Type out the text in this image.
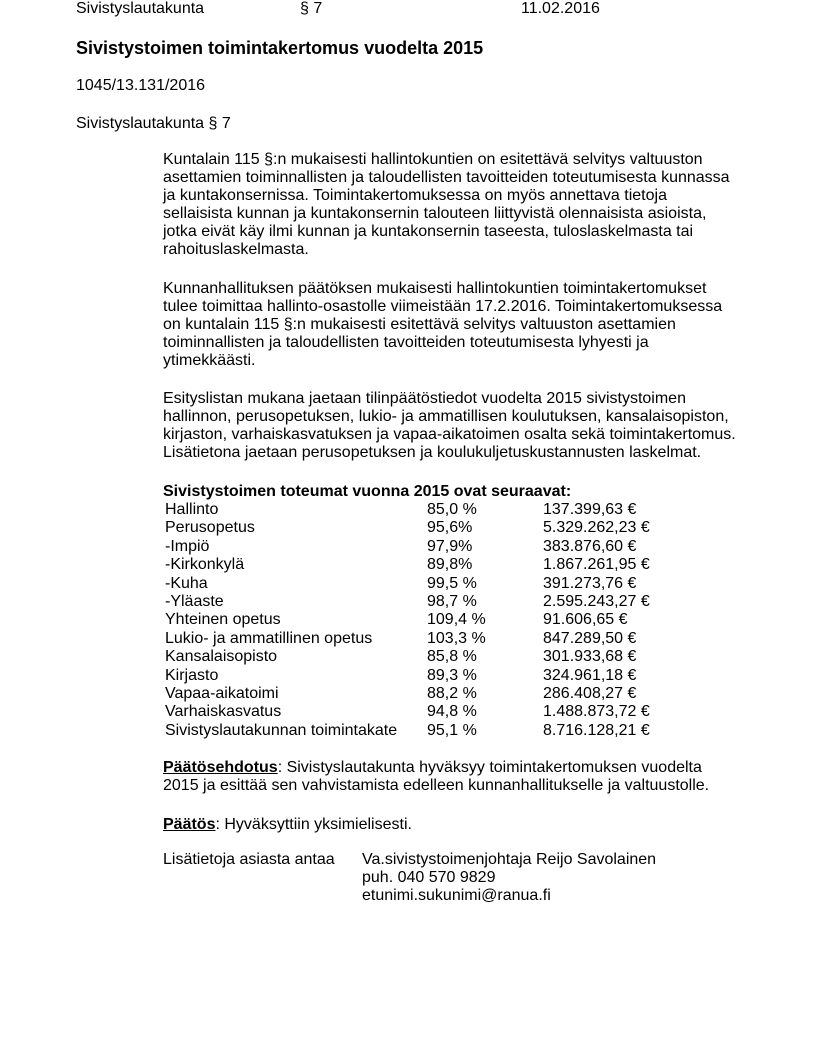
Sivistyslautakunta	§ 7	11.02.2016
Sivistystoimen toimintakertomus vuodelta 2015
1045/13.131/2016
Sivistyslautakunta § 7

Kuntalain 115 §:n mukaisesti hallintokuntien on esitettävä selvitys valtuuston
asettamien toiminnallisten ja taloudellisten tavoitteiden toteutumisesta kunnassa
ja kuntakonsernissa. Toimintakertomuksessa on myös annettava tietoja
sellaisista kunnan ja kuntakonsernin talouteen liittyvistä olennaisista asioista,
jotka eivät käy ilmi kunnan ja kuntakonsernin taseesta, tuloslaskelmasta tai
rahoituslaskelmasta.

Kunnanhallituksen päätöksen mukaisesti hallintokuntien toimintakertomukset
tulee toimittaa hallinto-osastolle viimeistään 17.2.2016. Toimintakertomuksessa
on kuntalain 115 §:n mukaisesti esitettävä selvitys valtuuston asettamien
toiminnallisten ja taloudellisten tavoitteiden toteutumisesta lyhyesti ja
ytimekkäästi.

Esityslistan mukana jaetaan tilinpäätöstiedot vuodelta 2015 sivistystoimen
hallinnon, perusopetuksen, lukio- ja ammatillisen koulutuksen, kansalaisopiston,
kirjaston, varhaiskasvatuksen ja vapaa-aikatoimen osalta sekä toimintakertomus.
Lisätietona jaetaan perusopetuksen ja koulukuljetuskustannusten laskelmat.

Sivistystoimen toteumat vuonna 2015 ovat seuraavat:
Hallinto	85,0 %	137.399,63 €
Perusopetus	95,6%	5.329.262,23 €
-Impiö	97,9%	383.876,60 €
-Kirkonkylä	89,8%	1.867.261,95 €
-Kuha	99,5 %	391.273,76 €
-Yläaste	98,7 %	2.595.243,27 €
Yhteinen opetus	109,4 %	91.606,65 €
Lukio- ja ammatillinen opetus	103,3 %	847.289,50 €
Kansalaisopisto	85,8 %	301.933,68 €
Kirjasto	89,3 %	324.961,18 €
Vapaa-aikatoimi	88,2 %	286.408,27 €
Varhaiskasvatus	94,8 %	1.488.873,72 €
Sivistyslautakunnan toimintakate 95,1 %	8.716.128,21 €
Päätösehdotus: Sivistyslautakunta hyväksyy toimintakertomuksen vuodelta
2015 ja esittää sen vahvistamista edelleen kunnanhallitukselle ja valtuustolle.
Päätös: Hyväksyttiin yksimielisesti.
Lisätietoja asiasta antaa Va.sivistystoimenjohtaja Reijo Savolainen
puh. 040 570 9829
etunimi.sukunimi@ranua.fi
